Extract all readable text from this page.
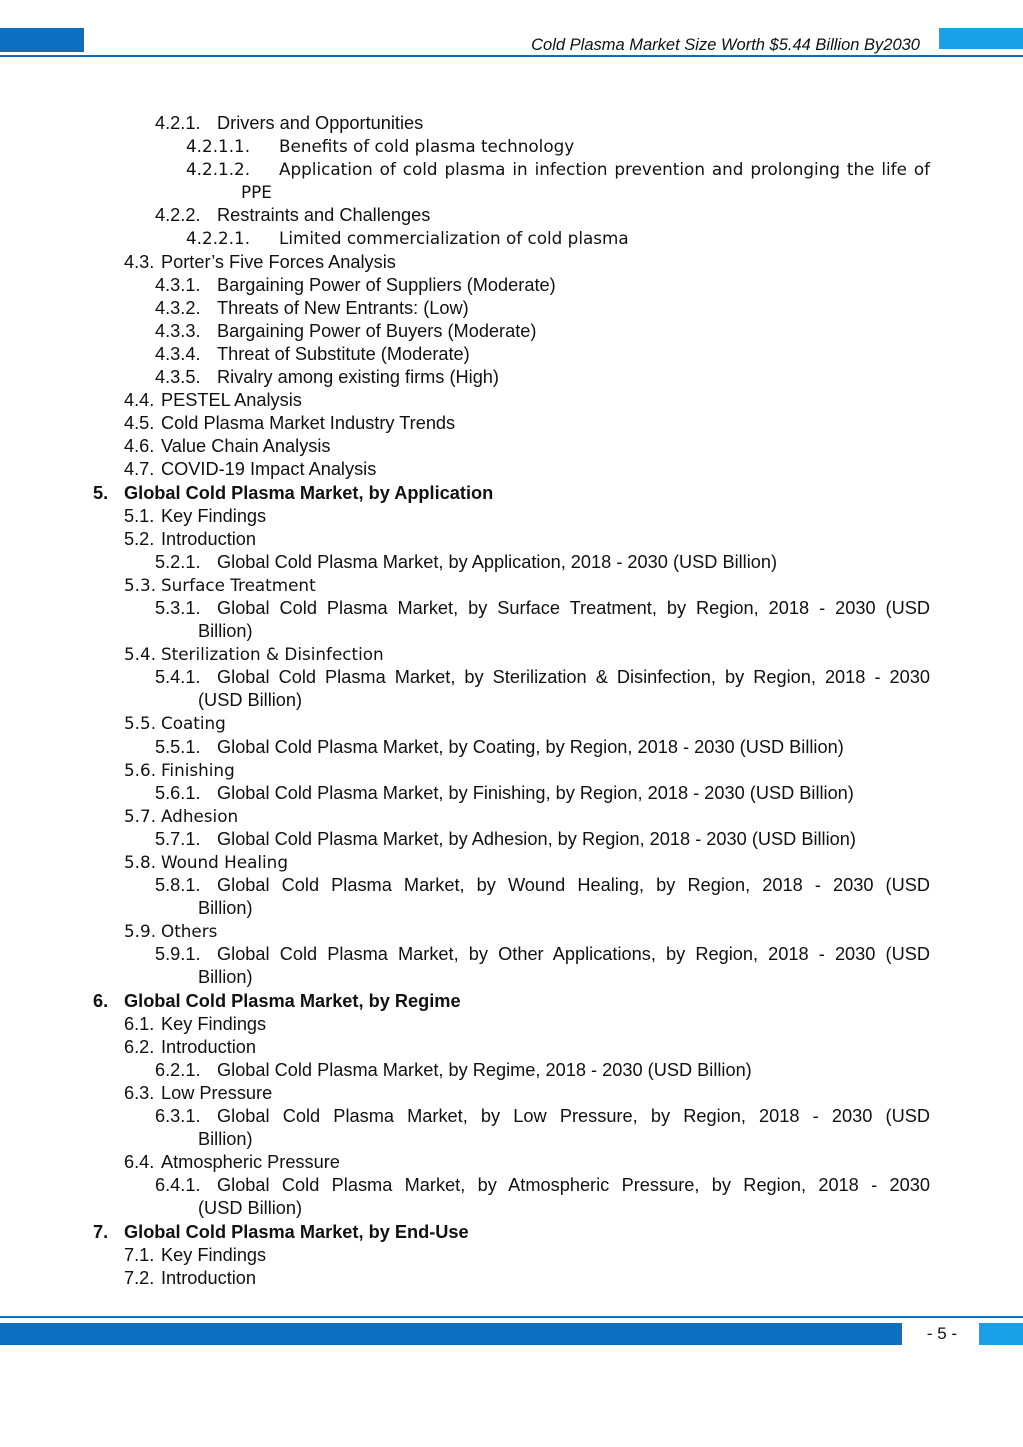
Cold Plasma Market Size Worth $5.44 Billion By2030
4.2.1. Drivers and Opportunities
4.2.1.1. Benefits of cold plasma technology
4.2.1.2. Application of cold plasma in infection prevention and prolonging the life of
PPE
4.2.2. Restraints and Challenges
4.2.2.1. Limited commercialization of cold plasma
4.3. Porter’s Five Forces Analysis
4.3.1. Bargaining Power of Suppliers (Moderate)
4.3.2. Threats of New Entrants: (Low)
4.3.3. Bargaining Power of Buyers (Moderate)
4.3.4. Threat of Substitute (Moderate)
4.3.5. Rivalry among existing firms (High)
4.4. PESTEL Analysis
4.5. Cold Plasma Market Industry Trends
4.6. Value Chain Analysis
4.7. COVID-19 Impact Analysis
5. Global Cold Plasma Market, by Application
5.1. Key Findings
5.2. Introduction
5.2.1. Global Cold Plasma Market, by Application, 2018 - 2030 (USD Billion)
5.3. Surface Treatment
5.3.1. Global Cold Plasma Market, by Surface Treatment, by Region, 2018 - 2030 (USD
Billion)
5.4. Sterilization & Disinfection
5.4.1. Global Cold Plasma Market, by Sterilization & Disinfection, by Region, 2018 - 2030
(USD Billion)
5.5. Coating
5.5.1. Global Cold Plasma Market, by Coating, by Region, 2018 - 2030 (USD Billion)
5.6. Finishing
5.6.1. Global Cold Plasma Market, by Finishing, by Region, 2018 - 2030 (USD Billion)
5.7. Adhesion
5.7.1. Global Cold Plasma Market, by Adhesion, by Region, 2018 - 2030 (USD Billion)
5.8. Wound Healing
5.8.1. Global Cold Plasma Market, by Wound Healing, by Region, 2018 - 2030 (USD
Billion)
5.9. Others
5.9.1. Global Cold Plasma Market, by Other Applications, by Region, 2018 - 2030 (USD
Billion)
6. Global Cold Plasma Market, by Regime
6.1. Key Findings
6.2. Introduction
6.2.1. Global Cold Plasma Market, by Regime, 2018 - 2030 (USD Billion)
6.3. Low Pressure
6.3.1. Global Cold Plasma Market, by Low Pressure, by Region, 2018 - 2030 (USD
Billion)
6.4. Atmospheric Pressure
6.4.1. Global Cold Plasma Market, by Atmospheric Pressure, by Region, 2018 - 2030
(USD Billion)
7. Global Cold Plasma Market, by End-Use
7.1. Key Findings
7.2. Introduction
- 5 -
